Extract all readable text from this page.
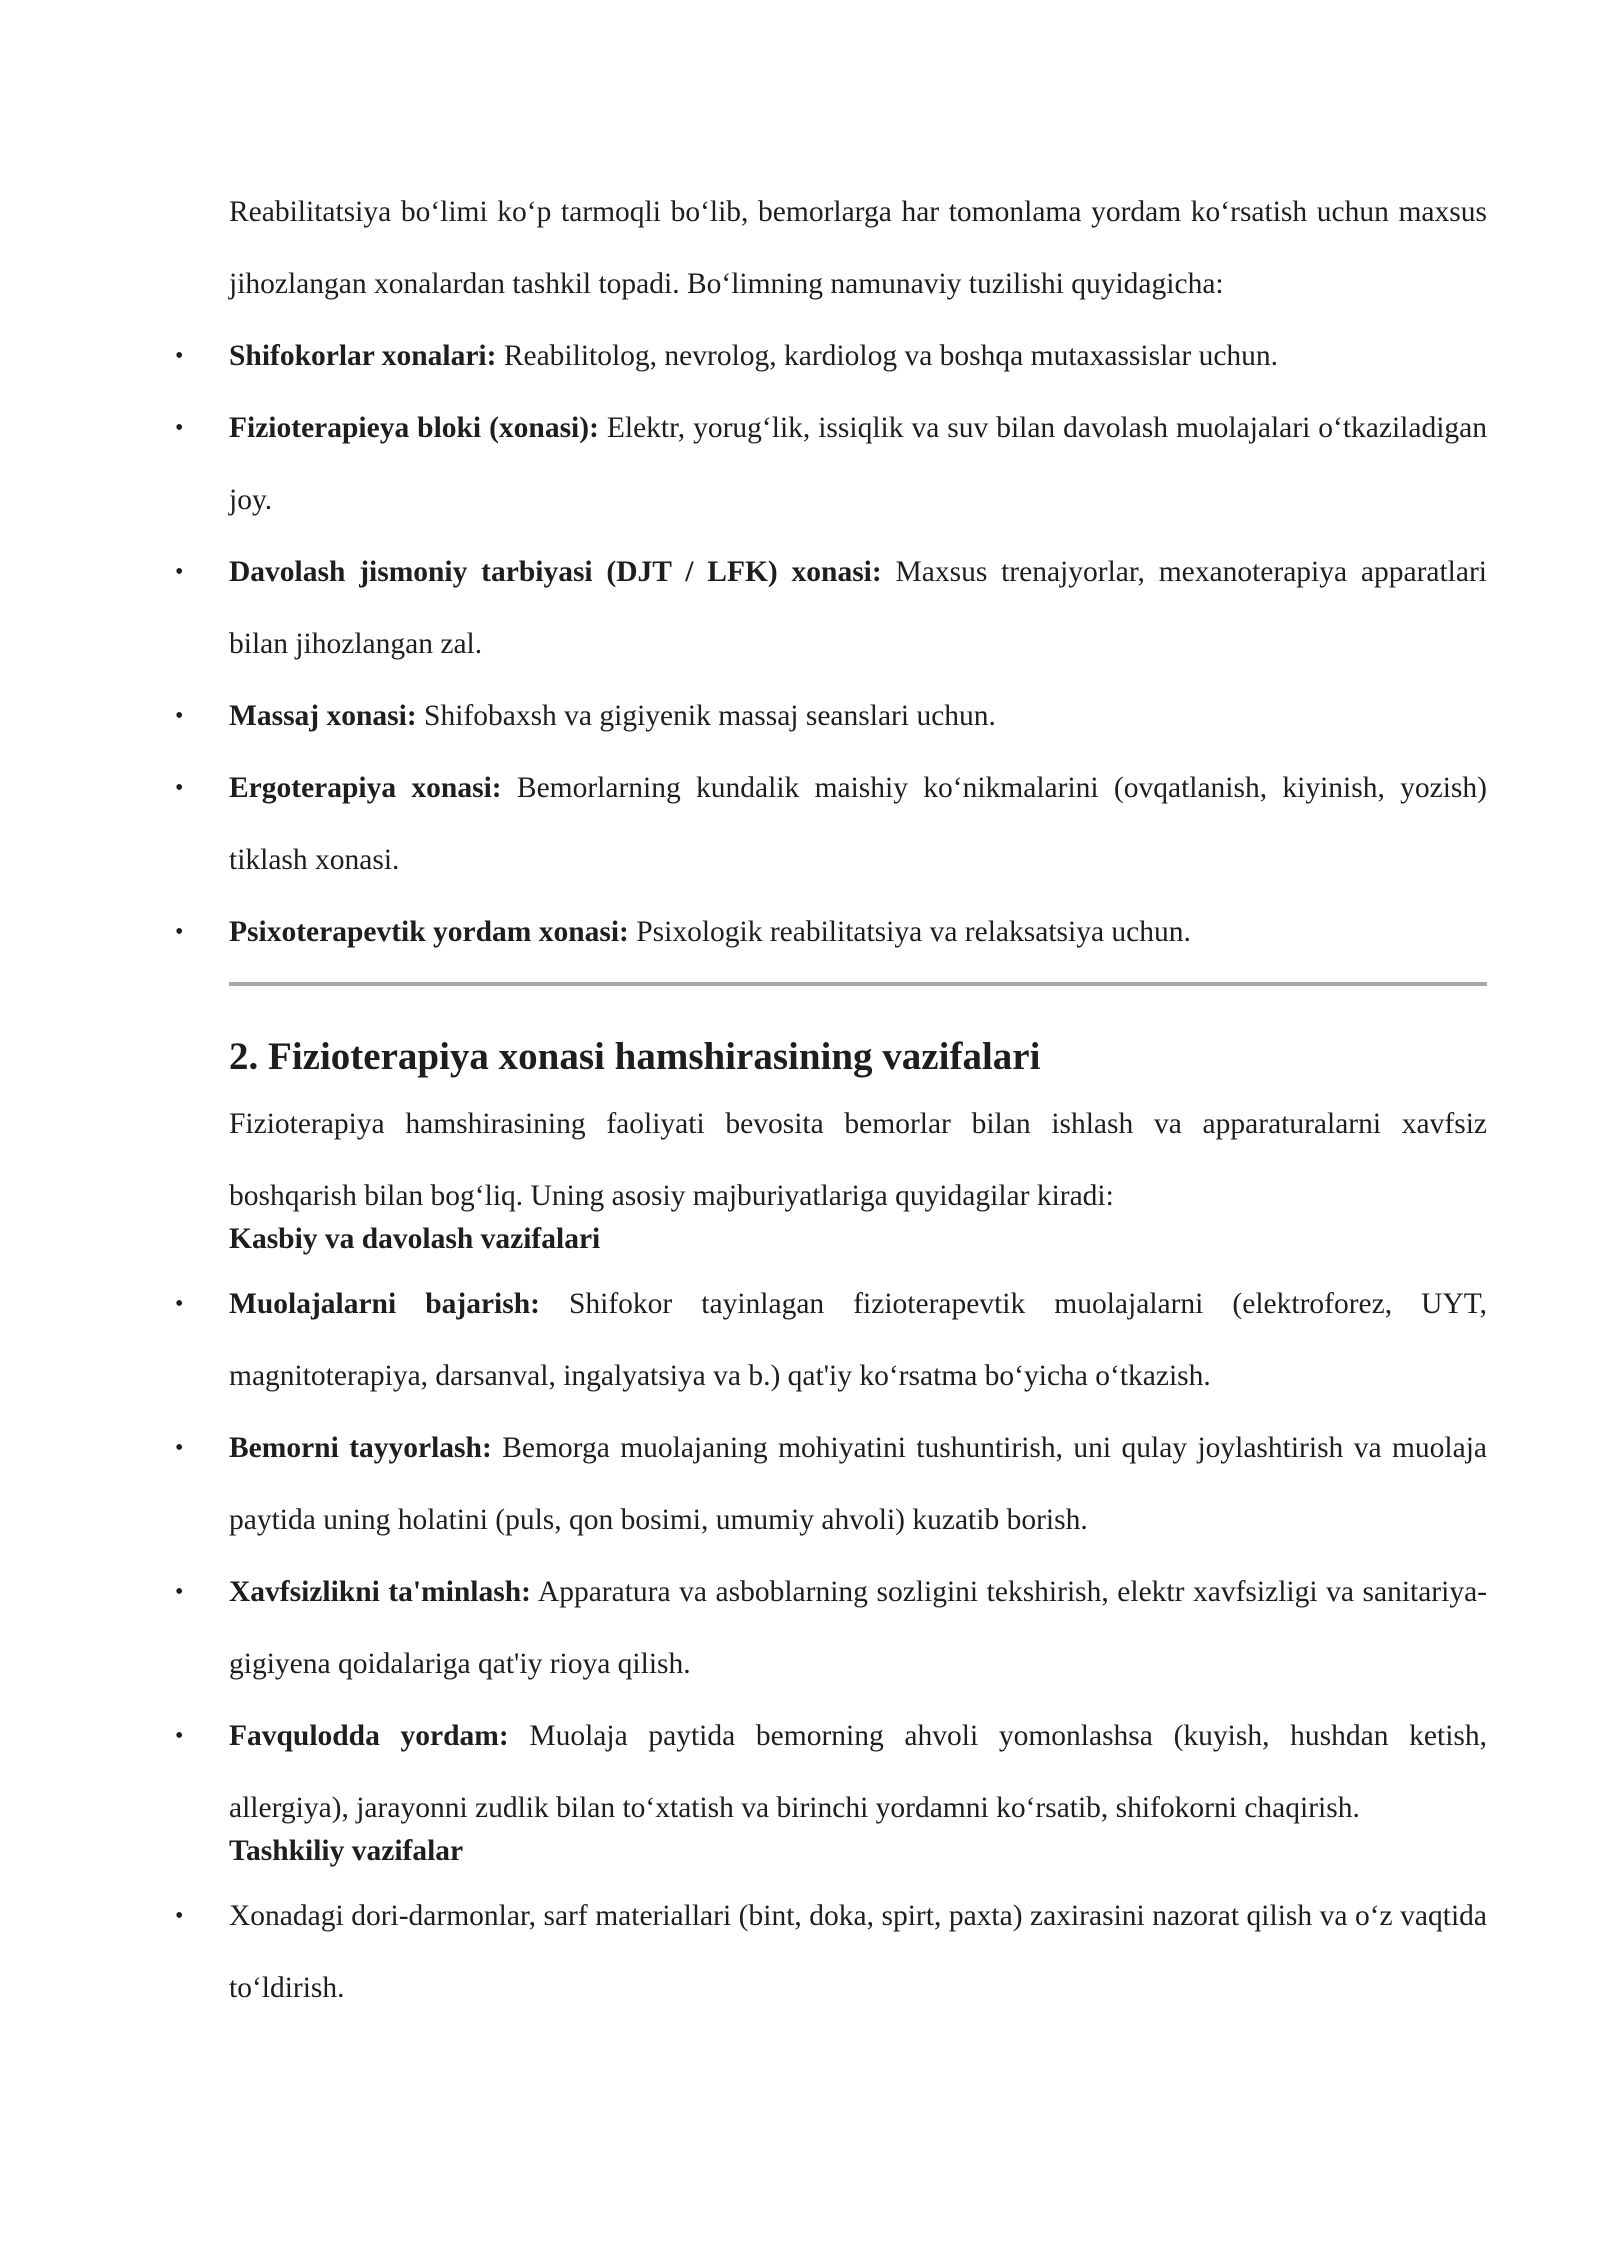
Reabilitatsiya boʻlimi koʻp tarmoqli boʻlib, bemorlarga har tomonlama yordam koʻrsatish uchun maxsus jihozlangan xonalardan tashkil topadi. Boʻlimning namunaviy tuzilishi quyidagicha:

• Shifokorlar xonalari: Reabilitolog, nevrolog, kardiolog va boshqa mutaxassislar uchun.
• Fizioterapieya bloki (xonasi): Elektr, yorugʻlik, issiqlik va suv bilan davolash muolajalari oʻtkaziladigan joy.
• Davolash jismoniy tarbiyasi (DJT / LFK) xonasi: Maxsus trenajyorlar, mexanoterapiya apparatlari bilan jihozlangan zal.
• Massaj xonasi: Shifobaxsh va gigiyenik massaj seanslari uchun.
• Ergoterapiya xonasi: Bemorlarning kundalik maishiy koʻnikmalarini (ovqatlanish, kiyinish, yozish) tiklash xonasi.
• Psixoterapevtik yordam xonasi: Psixologik reabilitatsiya va relaksatsiya uchun.
2. Fizioterapiya xonasi hamshirasining vazifalari

Fizioterapiya hamshirasining faoliyati bevosita bemorlar bilan ishlash va apparaturalarni xavfsiz boshqarish bilan bogʻliq. Uning asosiy majburiyatlariga quyidagilar kiradi:

Kasbiy va davolash vazifalari
• Muolajalarni bajarish: Shifokor tayinlagan fizioterapevtik muolajalarni (elektroforez, UYT, magnitoterapiya, darsanval, ingalyatsiya va b.) qat'iy koʻrsatma boʻyicha oʻtkazish.
• Bemorni tayyorlash: Bemorga muolajaning mohiyatini tushuntirish, uni qulay joylashtirish va muolaja paytida uning holatini (puls, qon bosimi, umumiy ahvoli) kuzatib borish.
• Xavfsizlikni ta'minlash: Apparatura va asboblarning sozligini tekshirish, elektr xavfsizligi va sanitariya-gigiyena qoidalariga qat'iy rioya qilish.
• Favqulodda yordam: Muolaja paytida bemorning ahvoli yomonlashsa (kuyish, hushdan ketish, allergiya), jarayonni zudlik bilan toʻxtatish va birinchi yordamni koʻrsatib, shifokorni chaqirish.
Tashkiliy vazifalar
• Xonadagi dori-darmonlar, sarf materiallari (bint, doka, spirt, paxta) zaxirasini nazorat qilish va oʻz vaqtida toʻldirish.
